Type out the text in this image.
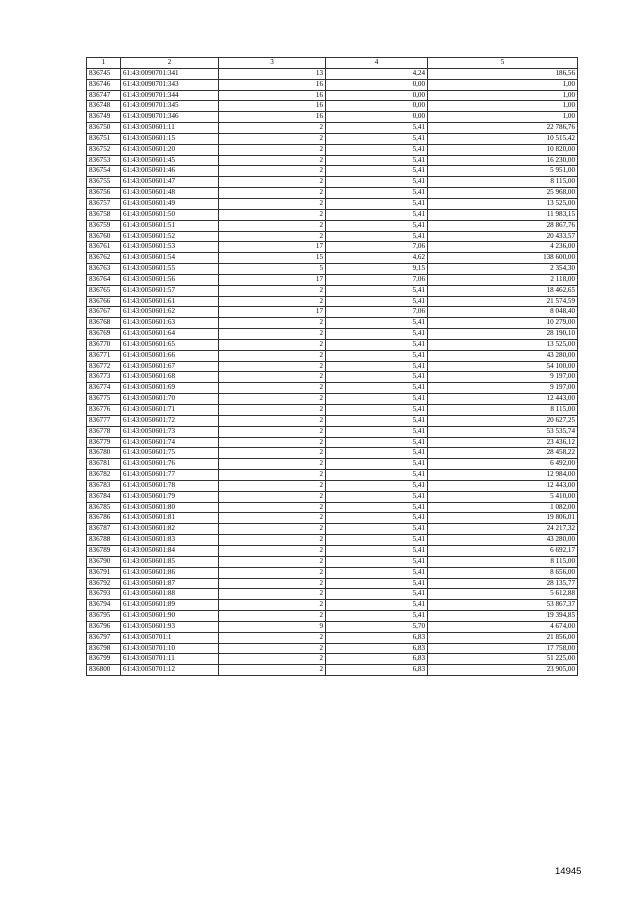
1	2	3	4	5
836745	61:43:0090701:341	13	4,24	186,56
836746	61:43:0090701:343	16	0,00	1,00
836747	61:43:0090701:344	16	0,00	1,00
836748	61:43:0090701:345	16	0,00	1,00
836749	61:43:0090701:346	16	0,00	1,00
836750	61:43:0050601:11	2	5,41	22 786,76
836751	61:43:0050601:15	2	5,41	10 515,42
836752	61:43:0050601:20	2	5,41	10 820,00
836753	61:43:0050601:45	2	5,41	16 230,00
836754	61:43:0050601:46	2	5,41	5 951,00
836755	61:43:0050601:47	2	5,41	8 115,00
836756	61:43:0050601:48	2	5,41	25 968,00
836757	61:43:0050601:49	2	5,41	13 525,00
836758	61:43:0050601:50	2	5,41	11 983,15
836759	61:43:0050601:51	2	5,41	28 867,76
836760	61:43:0050601:52	2	5,41	20 433,57
836761	61:43:0050601:53	17	7,06	4 236,00
836762	61:43:0050601:54	15	4,62	138 600,00
836763	61:43:0050601:55	5	9,15	2 354,30
836764	61:43:0050601:56	17	7,06	2 118,00
836765	61:43:0050601:57	2	5,41	18 462,65
836766	61:43:0050601:61	2	5,41	21 574,59
836767	61:43:0050601:62	17	7,06	8 048,40
836768	61:43:0050601:63	2	5,41	10 279,00
836769	61:43:0050601:64	2	5,41	28 190,10
836770	61:43:0050601:65	2	5,41	13 525,00
836771	61:43:0050601:66	2	5,41	43 280,00
836772	61:43:0050601:67	2	5,41	54 100,00
836773	61:43:0050601:68	2	5,41	9 197,00
836774	61:43:0050601:69	2	5,41	9 197,00
836775	61:43:0050601:70	2	5,41	12 443,00
836776	61:43:0050601:71	2	5,41	8 115,00
836777	61:43:0050601:72	2	5,41	20 627,25
836778	61:43:0050601:73	2	5,41	53 535,74
836779	61:43:0050601:74	2	5,41	23 436,12
836780	61:43:0050601:75	2	5,41	28 458,22
836781	61:43:0050601:76	2	5,41	6 492,00
836782	61:43:0050601:77	2	5,41	12 984,00
836783	61:43:0050601:78	2	5,41	12 443,00
836784	61:43:0050601:79	2	5,41	5 410,00
836785	61:43:0050601:80	2	5,41	1 082,00
836786	61:43:0050601:81	2	5,41	19 806,01
836787	61:43:0050601:82	2	5,41	24 217,32
836788	61:43:0050601:83	2	5,41	43 280,00
836789	61:43:0050601:84	2	5,41	6 692,17
836790	61:43:0050601:85	2	5,41	8 115,00
836791	61:43:0050601:86	2	5,41	8 656,00
836792	61:43:0050601:87	2	5,41	28 135,77
836793	61:43:0050601:88	2	5,41	5 612,88
836794	61:43:0050601:89	2	5,41	53 867,37
836795	61:43:0050601:90	2	5,41	19 394,85
836796	61:43:0050601:93	9	5,70	4 674,00
836797	61:43:0050701:1	2	6,83	21 856,00
836798	61:43:0050701:10	2	6,83	17 758,00
836799	61:43:0050701:11	2	6,83	51 225,00
836800	61:43:0050701:12	2	6,83	23 905,00
14945
